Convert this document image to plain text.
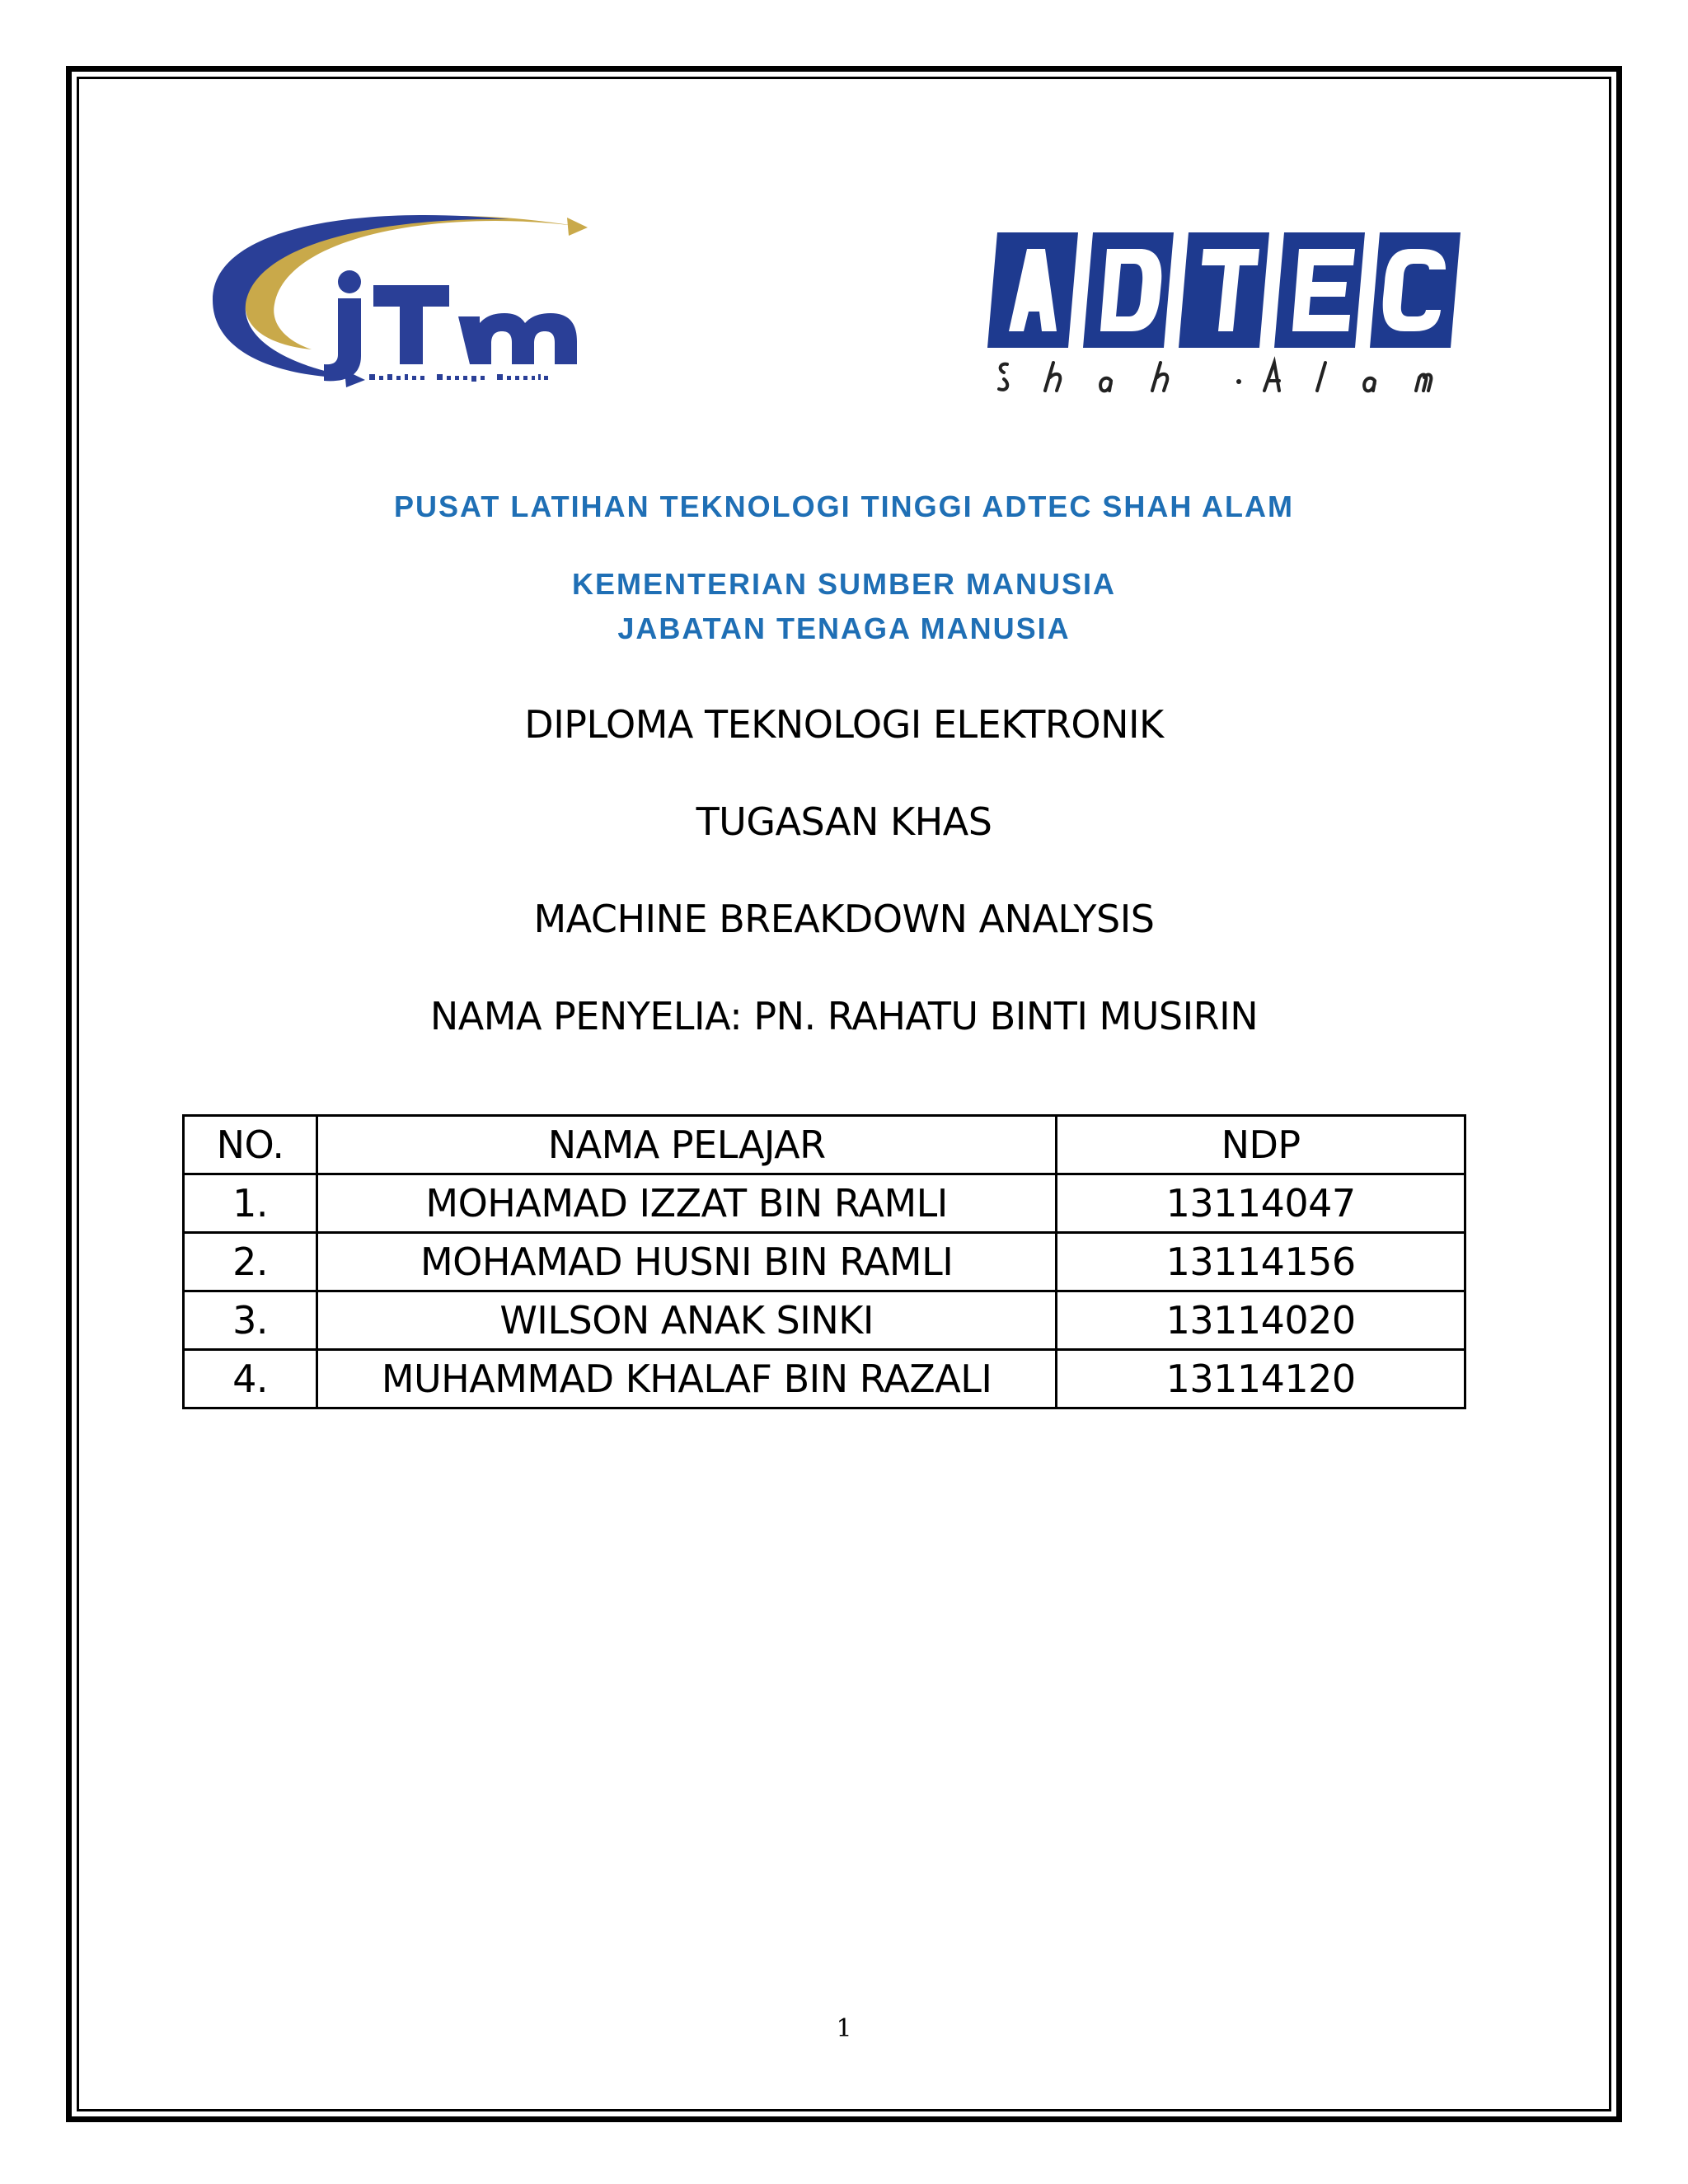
PUSAT LATIHAN TEKNOLOGI TINGGI ADTEC SHAH ALAM
KEMENTERIAN SUMBER MANUSIA
JABATAN TENAGA MANUSIA
DIPLOMA TEKNOLOGI ELEKTRONIK
TUGASAN KHAS
MACHINE BREAKDOWN ANALYSIS
NAMA PENYELIA: PN. RAHATU BINTI MUSIRIN
NO.	NAMA PELAJAR	NDP
1.	MOHAMAD IZZAT BIN RAMLI	13114047
2.	MOHAMAD HUSNI BIN RAMLI	13114156
3.	WILSON ANAK SINKI	13114020
4.	MUHAMMAD KHALAF BIN RAZALI	13114120
1
